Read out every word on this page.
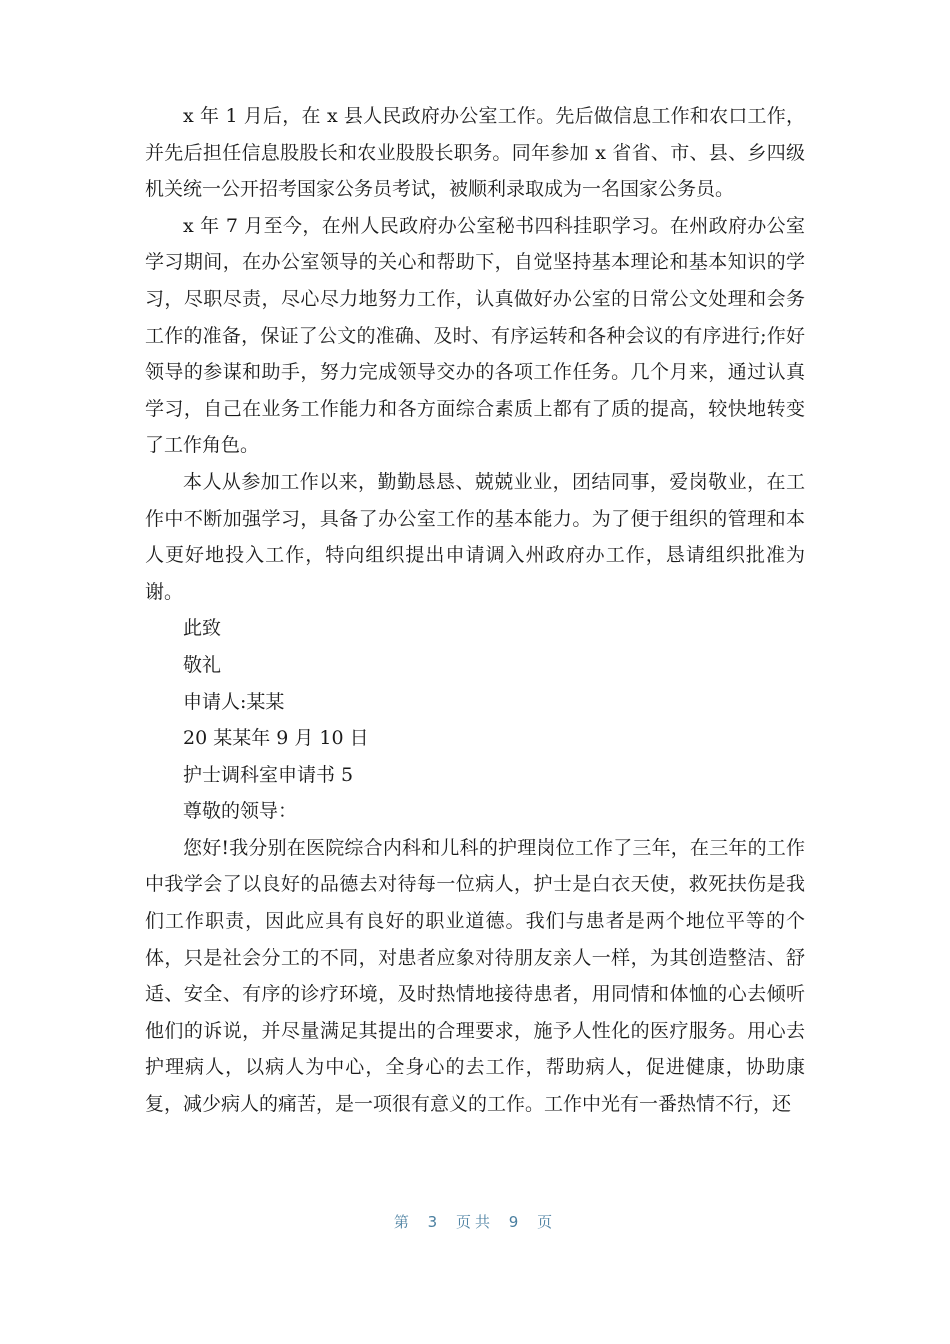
x 年 1 月后，在 x 县人民政府办公室工作。先后做信息工作和农口工作，并先后担任信息股股长和农业股股长职务。同年参加 x 省省、市、县、乡四级机关统一公开招考国家公务员考试，被顺利录取成为一名国家公务员。

x 年 7 月至今，在州人民政府办公室秘书四科挂职学习。在州政府办公室学习期间，在办公室领导的关心和帮助下，自觉坚持基本理论和基本知识的学习，尽职尽责，尽心尽力地努力工作，认真做好办公室的日常公文处理和会务工作的准备，保证了公文的准确、及时、有序运转和各种会议的有序进行;作好领导的参谋和助手，努力完成领导交办的各项工作任务。几个月来，通过认真学习，自己在业务工作能力和各方面综合素质上都有了质的提高，较快地转变了工作角色。

本人从参加工作以来，勤勤恳恳、兢兢业业，团结同事，爱岗敬业，在工作中不断加强学习，具备了办公室工作的基本能力。为了便于组织的管理和本人更好地投入工作，特向组织提出申请调入州政府办工作，恳请组织批准为谢。

此致

敬礼

申请人:某某

20 某某年 9 月 10 日

护士调科室申请书 5

尊敬的领导：

您好!我分别在医院综合内科和儿科的护理岗位工作了三年，在三年的工作中我学会了以良好的品德去对待每一位病人，护士是白衣天使，救死扶伤是我们工作职责，因此应具有良好的职业道德。我们与患者是两个地位平等的个体，只是社会分工的不同，对患者应象对待朋友亲人一样，为其创造整洁、舒适、安全、有序的诊疗环境，及时热情地接待患者，用同情和体恤的心去倾听他们的诉说，并尽量满足其提出的合理要求，施予人性化的医疗服务。用心去护理病人，以病人为中心，全身心的去工作，帮助病人，促进健康，协助康复，减少病人的痛苦，是一项很有意义的工作。工作中光有一番热情不行，还

第 3 页共 9 页
